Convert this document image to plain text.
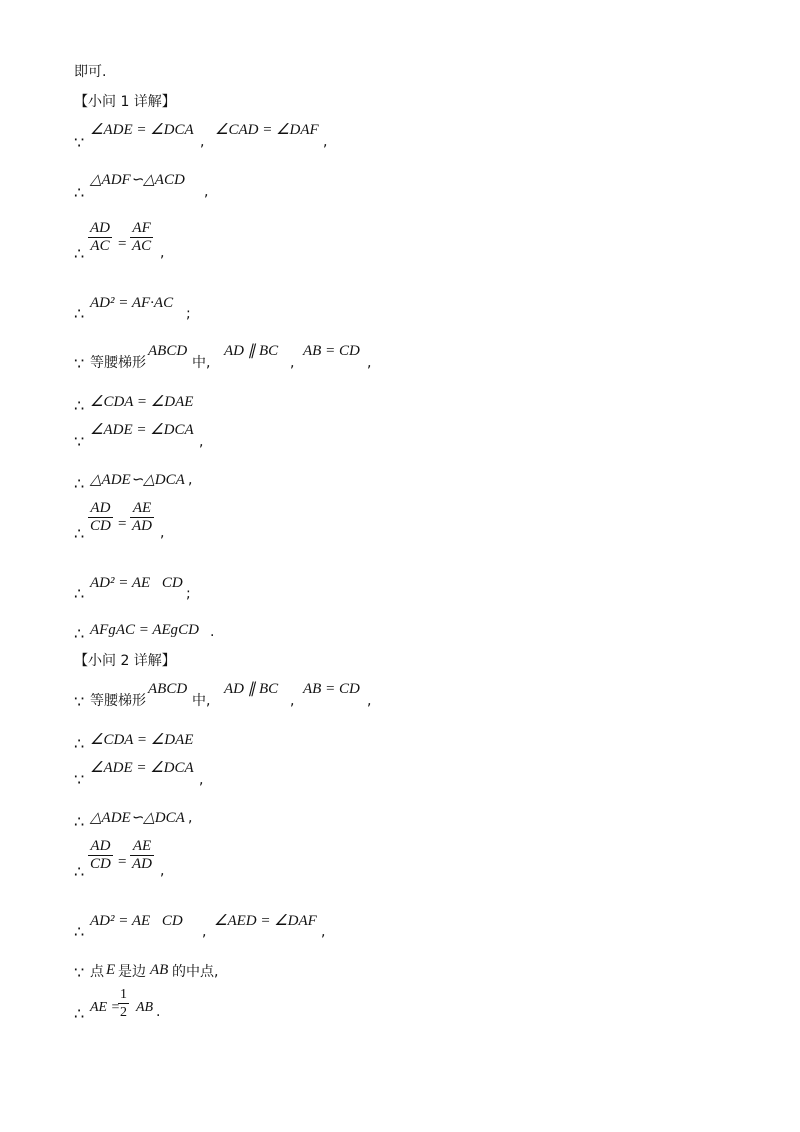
即可.
【小问 1 详解】
∵
∠ADE = ∠DCA
,
∠CAD = ∠DAF
,
∴
△ADF∽△ACD
,
∴
AD
AC =
AF
AC ,
∴
AD² = AF·AC
;
∵ 等腰梯形
ABCD
中,
AD ∥ BC
,
AB = CD
,
∴ ∠CDA = ∠DAE
∵
∠ADE = ∠DCA
,
∴ △ADE∽△DCA ,
∴
AD
CD =
AE
AD ,
∴
AD² = AE⃞CD
;
∴ AFɡAC = AEɡCD .
【小问 2 详解】
∵ 等腰梯形
ABCD
中,
AD ∥ BC
,
AB = CD
,
∴ ∠CDA = ∠DAE
∵
∠ADE = ∠DCA
,
∴ △ADE∽△DCA ,
∴
AD
CD =
AE
AD ,
∴
AD² = AE⃞CD
,
∠AED = ∠DAF
,
∵ 点 E 是边 AB 的中点,
∴ AE =
1
2 AB .
